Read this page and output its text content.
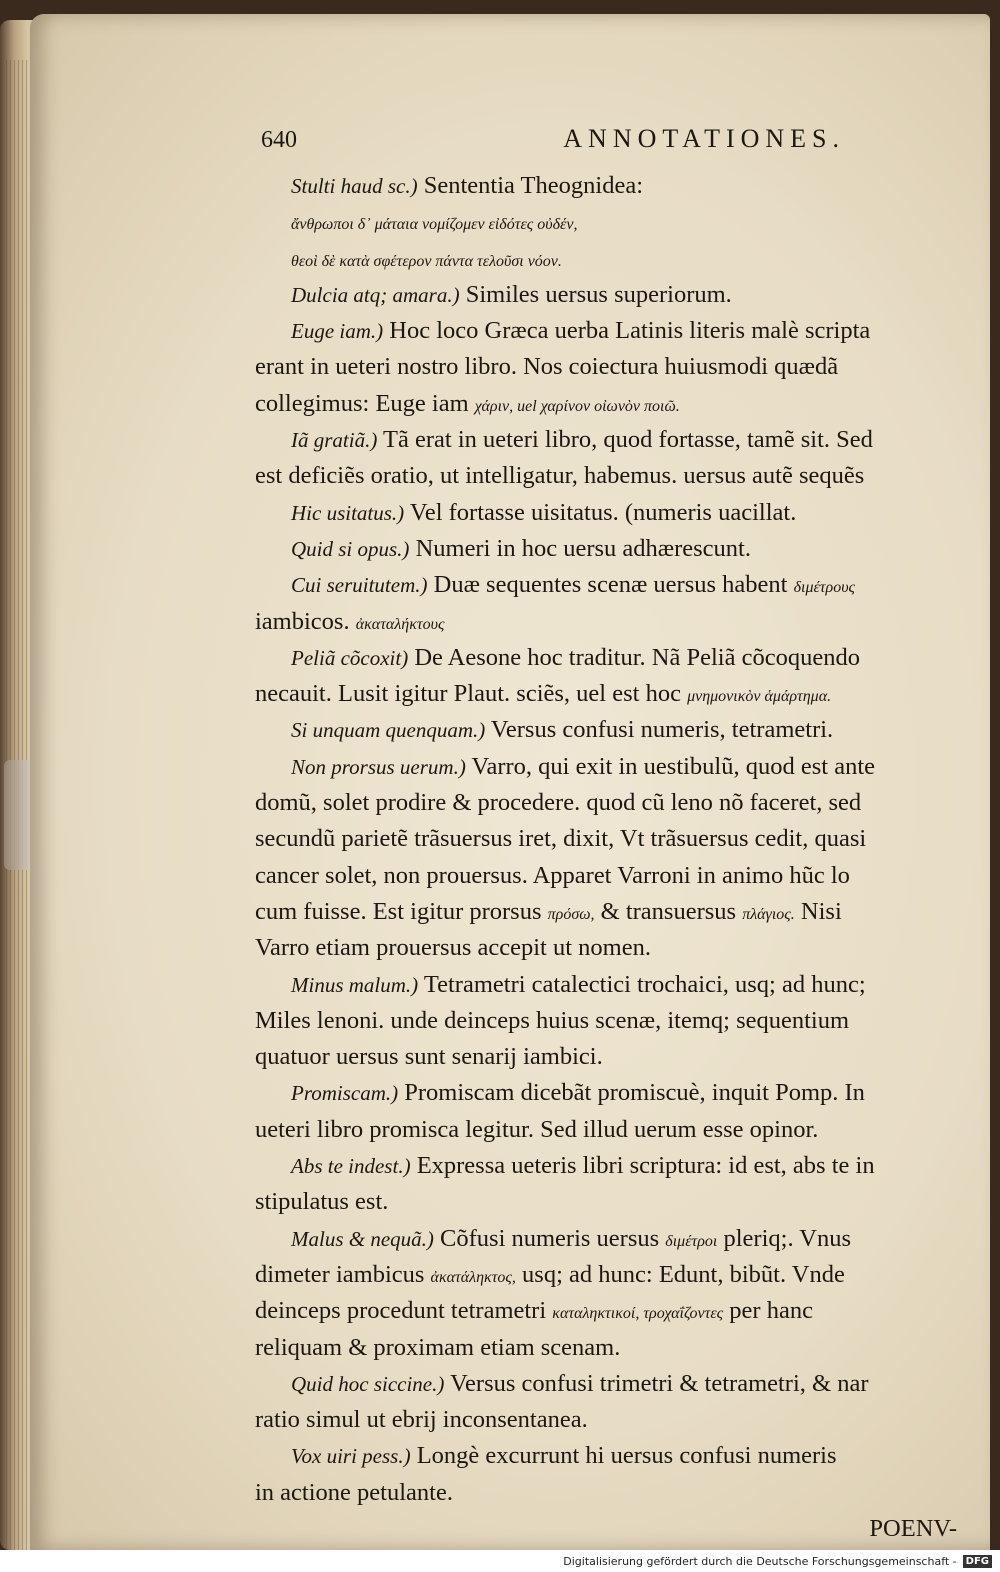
640	ANNOTATIONES.
Stulti haud sc.) Sententia Theognidea:
ἄνθρωποι δ᾽ μάταια νομίζομεν εἰδότες οὐδέν,
θεοὶ δὲ κατὰ σφέτερον πάντα τελοῦσι νόον.
Dulcia atq; amara.) Similes uersus superiorum.
Euge iam.) Hoc loco Græca uerba Latinis literis malè scripta
erant in ueteri nostro libro. Nos coiectura huiusmodi quædã
collegimus: Euge iam χάριν, uel χαρίνον οἰωνὸν ποιῶ.
Iã gratiã.) Tã erat in ueteri libro, quod fortasse, tamẽ sit. Sed
est deficiẽs oratio, ut intelligatur, habemus. uersus autẽ sequẽs
Hic usitatus.) Vel fortasse uisitatus. (numeris uacillat.
Quid si opus.) Numeri in hoc uersu adhærescunt.
Cui seruitutem.) Duæ sequentes scenæ uersus habent διμέτρους
iambicos. ἀκαταλήκτους
Peliã cõcoxit) De Aesone hoc traditur. Nã Peliã cõcoquendo
necauit. Lusit igitur Plaut. sciẽs, uel est hoc μνημονικὸν ἁμάρτημα.
Si unquam quenquam.) Versus confusi numeris, tetrametri.
Non prorsus uerum.) Varro, qui exit in uestibulũ, quod est ante
domũ, solet prodire & procedere. quod cũ leno nõ faceret, sed
secundũ parietẽ trãsuersus iret, dixit, Vt trãsuersus cedit, quasi
cancer solet, non prouersus. Apparet Varroni in animo hũc lo
cum fuisse. Est igitur prorsus πρόσω, & transuersus πλάγιος. Nisi
Varro etiam prouersus accepit ut nomen.
Minus malum.) Tetrametri catalectici trochaici, usq; ad hunc;
Miles lenoni. unde deinceps huius scenæ, itemq; sequentium
quatuor uersus sunt senarij iambici.
Promiscam.) Promiscam dicebãt promiscuè, inquit Pomp. In
ueteri libro promisca legitur. Sed illud uerum esse opinor.
Abs te indest.) Expressa ueteris libri scriptura: id est, abs te in
stipulatus est.
Malus & nequã.) Cõfusi numeris uersus διμέτροι pleriq;. Vnus
dimeter iambicus ἀκατάληκτος, usq; ad hunc: Edunt, bibũt. Vnde
deinceps procedunt tetrametri καταληκτικοί, τροχαΐζοντες per hanc
reliquam & proximam etiam scenam.
Quid hoc siccine.) Versus confusi trimetri & tetrametri, & nar
ratio simul ut ebrij inconsentanea.
Vox uiri pess.) Longè excurrunt hi uersus confusi numeris
in actione petulante.
POENV-
Digitalisierung gefördert durch die Deutsche Forschungsgemeinschaft - DFG
